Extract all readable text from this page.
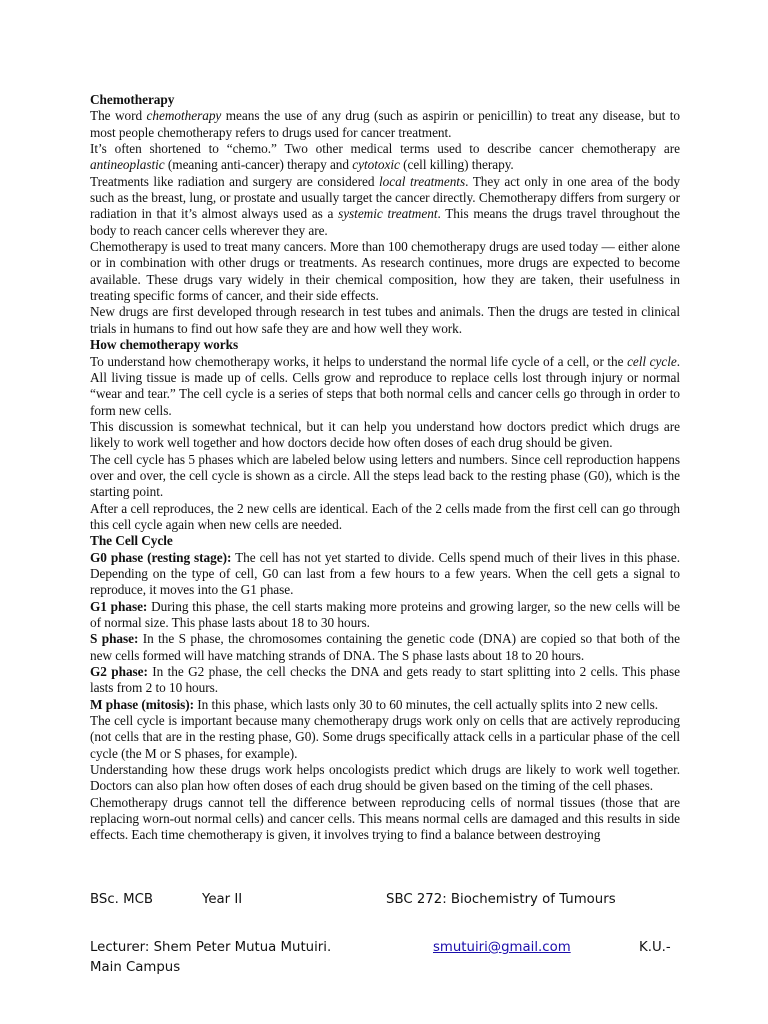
Chemotherapy

The word chemotherapy means the use of any drug (such as aspirin or penicillin) to treat any disease, but to most people chemotherapy refers to drugs used for cancer treatment.

It’s often shortened to “chemo.” Two other medical terms used to describe cancer chemotherapy are antineoplastic (meaning anti-cancer) therapy and cytotoxic (cell killing) therapy.

Treatments like radiation and surgery are considered local treatments. They act only in one area of the body such as the breast, lung, or prostate and usually target the cancer directly. Chemotherapy differs from surgery or radiation in that it’s almost always used as a systemic treatment. This means the drugs travel throughout the body to reach cancer cells wherever they are.

Chemotherapy is used to treat many cancers. More than 100 chemotherapy drugs are used today — either alone or in combination with other drugs or treatments. As research continues, more drugs are expected to become available. These drugs vary widely in their chemical composition, how they are taken, their usefulness in treating specific forms of cancer, and their side effects.

New drugs are first developed through research in test tubes and animals. Then the drugs are tested in clinical trials in humans to find out how safe they are and how well they work.

How chemotherapy works

To understand how chemotherapy works, it helps to understand the normal life cycle of a cell, or the cell cycle. All living tissue is made up of cells. Cells grow and reproduce to replace cells lost through injury or normal “wear and tear.” The cell cycle is a series of steps that both normal cells and cancer cells go through in order to form new cells.

This discussion is somewhat technical, but it can help you understand how doctors predict which drugs are likely to work well together and how doctors decide how often doses of each drug should be given.

The cell cycle has 5 phases which are labeled below using letters and numbers. Since cell reproduction happens over and over, the cell cycle is shown as a circle. All the steps lead back to the resting phase (G0), which is the starting point.

After a cell reproduces, the 2 new cells are identical. Each of the 2 cells made from the first cell can go through this cell cycle again when new cells are needed.

The Cell Cycle

G0 phase (resting stage): The cell has not yet started to divide. Cells spend much of their lives in this phase. Depending on the type of cell, G0 can last from a few hours to a few years. When the cell gets a signal to reproduce, it moves into the G1 phase.

G1 phase: During this phase, the cell starts making more proteins and growing larger, so the new cells will be of normal size. This phase lasts about 18 to 30 hours.

S phase: In the S phase, the chromosomes containing the genetic code (DNA) are copied so that both of the new cells formed will have matching strands of DNA. The S phase lasts about 18 to 20 hours.

G2 phase: In the G2 phase, the cell checks the DNA and gets ready to start splitting into 2 cells. This phase lasts from 2 to 10 hours.

M phase (mitosis): In this phase, which lasts only 30 to 60 minutes, the cell actually splits into 2 new cells.

The cell cycle is important because many chemotherapy drugs work only on cells that are actively reproducing (not cells that are in the resting phase, G0). Some drugs specifically attack cells in a particular phase of the cell cycle (the M or S phases, for example).

Understanding how these drugs work helps oncologists predict which drugs are likely to work well together. Doctors can also plan how often doses of each drug should be given based on the timing of the cell phases.

Chemotherapy drugs cannot tell the difference between reproducing cells of normal tissues (those that are replacing worn-out normal cells) and cancer cells. This means normal cells are damaged and this results in side effects. Each time chemotherapy is given, it involves trying to find a balance between destroying

BSc. MCB	Year II	SBC 272: Biochemistry of Tumours
Lecturer: Shem Peter Mutua Mutuiri.	smutuiri@gmail.com	K.U.-
Main Campus
